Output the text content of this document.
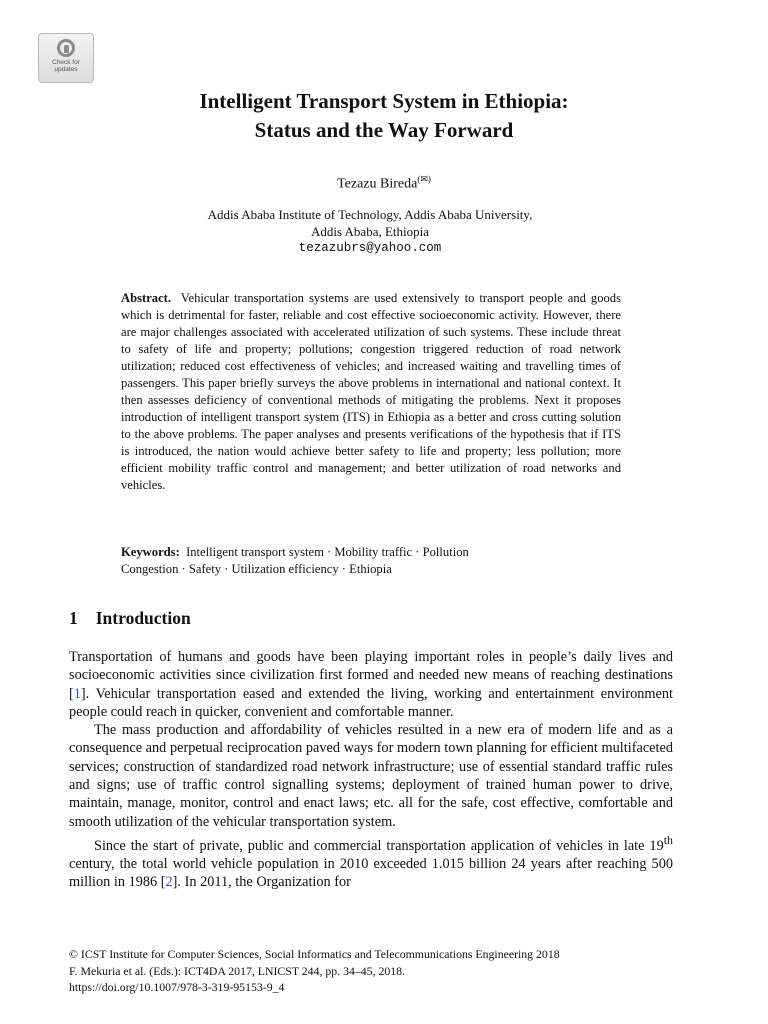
Check for
updates
Intelligent Transport System in Ethiopia:
Status and the Way Forward
Tezazu Bireda(✉)
Addis Ababa Institute of Technology, Addis Ababa University,
Addis Ababa, Ethiopia
tezazubrs@yahoo.com

Abstract. Vehicular transportation systems are used extensively to transport people and goods which is detrimental for faster, reliable and cost effective socioeconomic activity. However, there are major challenges associated with accelerated utilization of such systems. These include threat to safety of life and property; pollutions; congestion triggered reduction of road network utilization; reduced cost effectiveness of vehicles; and increased waiting and travelling times of passengers. This paper briefly surveys the above problems in international and national context. It then assesses deficiency of conventional methods of mitigating the problems. Next it proposes introduction of intelligent transport system (ITS) in Ethiopia as a better and cross cutting solution to the above problems. The paper analyses and presents verifications of the hypothesis that if ITS is introduced, the nation would achieve better safety to life and property; less pollution; more efficient mobility traffic control and management; and better utilization of road networks and vehicles.

Keywords: Intelligent transport system · Mobility traffic · Pollution
Congestion · Safety · Utilization efficiency · Ethiopia
1 Introduction

Transportation of humans and goods have been playing important roles in people’s daily lives and socioeconomic activities since civilization first formed and needed new means of reaching destinations [1]. Vehicular transportation eased and extended the living, working and entertainment environment people could reach in quicker, convenient and comfortable manner.

The mass production and affordability of vehicles resulted in a new era of modern life and as a consequence and perpetual reciprocation paved ways for modern town planning for efficient multifaceted services; construction of standardized road network infrastructure; use of essential standard traffic rules and signs; use of traffic control signalling systems; deployment of trained human power to drive, maintain, manage, monitor, control and enact laws; etc. all for the safe, cost effective, comfortable and smooth utilization of the vehicular transportation system.

Since the start of private, public and commercial transportation application of vehicles in late 19th century, the total world vehicle population in 2010 exceeded 1.015 billion 24 years after reaching 500 million in 1986 [2]. In 2011, the Organization for

© ICST Institute for Computer Sciences, Social Informatics and Telecommunications Engineering 2018
F. Mekuria et al. (Eds.): ICT4DA 2017, LNICST 244, pp. 34–45, 2018.
https://doi.org/10.1007/978-3-319-95153-9_4
